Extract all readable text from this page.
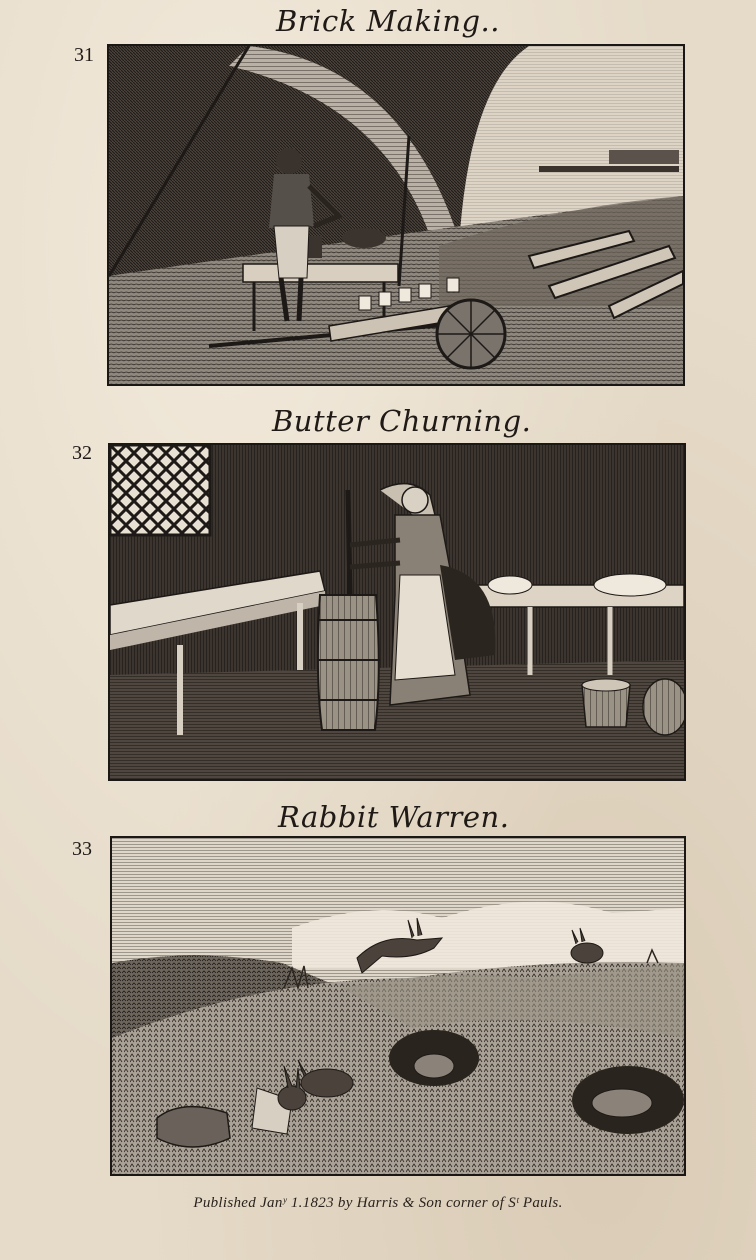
Brick Making..
31
Butter Churning.
32
Rabbit Warren.
33
Published Janʸ 1.1823 by Harris & Son corner of Sᵗ Pauls.
